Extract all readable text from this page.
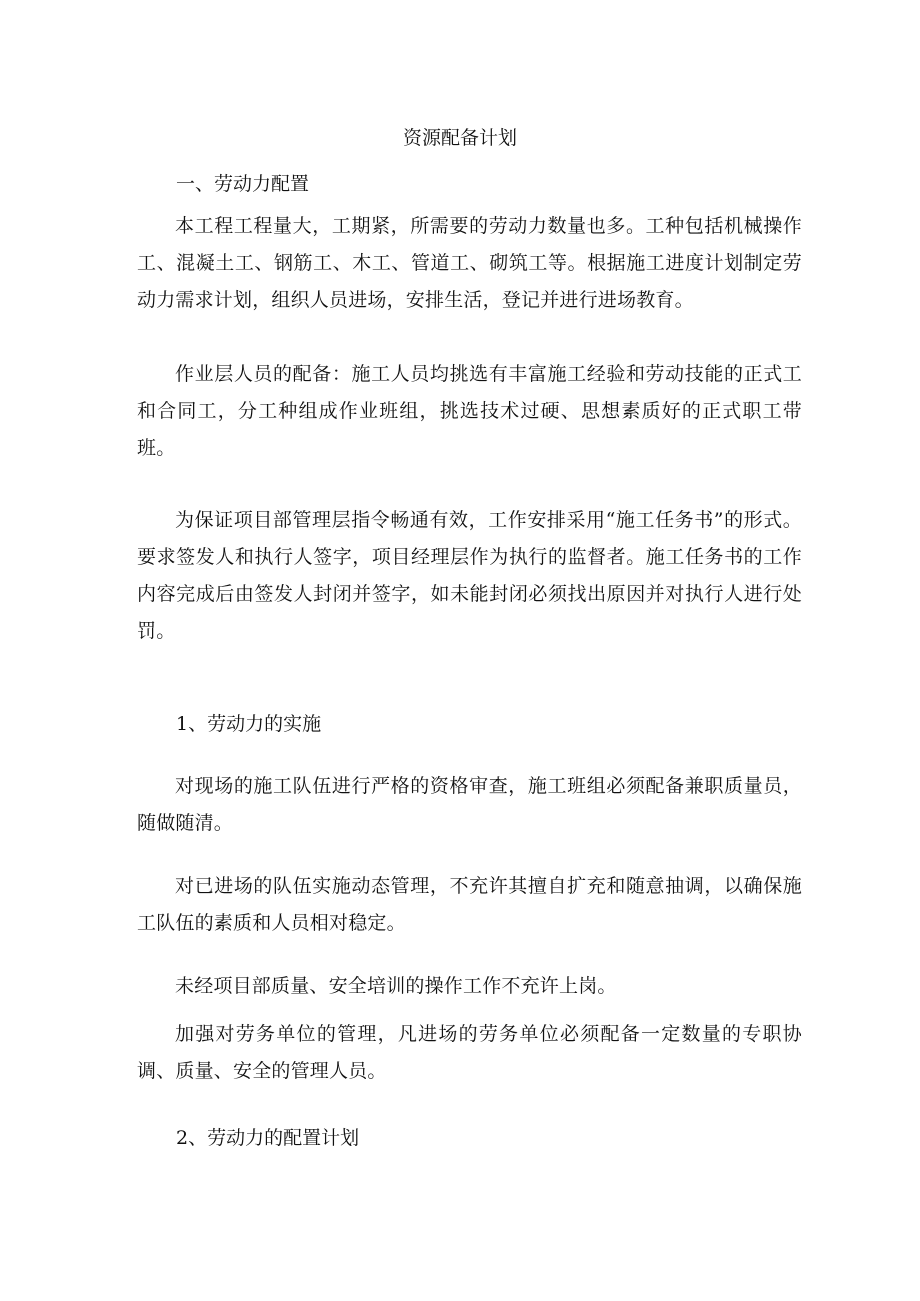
资源配备计划
一、劳动力配置

本工程工程量大，工期紧，所需要的劳动力数量也多。工种包括机械操作工、混凝土工、钢筋工、木工、管道工、砌筑工等。根据施工进度计划制定劳动力需求计划，组织人员进场，安排生活，登记并进行进场教育。

作业层人员的配备：施工人员均挑选有丰富施工经验和劳动技能的正式工和合同工，分工种组成作业班组，挑选技术过硬、思想素质好的正式职工带班。

为保证项目部管理层指令畅通有效，工作安排采用“施工任务书”的形式。要求签发人和执行人签字，项目经理层作为执行的监督者。施工任务书的工作内容完成后由签发人封闭并签字，如未能封闭必须找出原因并对执行人进行处罚。

1、劳动力的实施

对现场的施工队伍进行严格的资格审查，施工班组必须配备兼职质量员，随做随清。

对已进场的队伍实施动态管理，不充许其擅自扩充和随意抽调，以确保施工队伍的素质和人员相对稳定。

未经项目部质量、安全培训的操作工作不充许上岗。

加强对劳务单位的管理，凡进场的劳务单位必须配备一定数量的专职协调、质量、安全的管理人员。

2、劳动力的配置计划
